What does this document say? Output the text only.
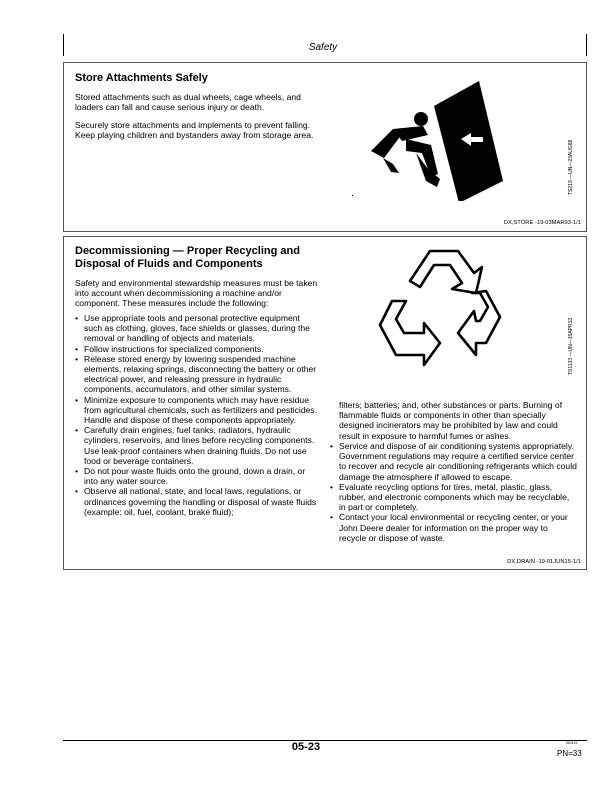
Safety
Store Attachments Safely

Stored attachments such as dual wheels, cage wheels, and loaders can fall and cause serious injury or death.

Securely store attachments and implements to prevent falling. Keep playing children and bystanders away from storage area.

TS219 —UN—23AUG88
DX,STORE -19-03MAR93-1/1
Decommissioning — Proper Recycling and
Disposal of Fluids and Components

Safety and environmental stewardship measures must be taken into account when decommissioning a machine and/or component. These measures include the following:

• Use appropriate tools and personal protective equipment such as clothing, gloves, face shields or glasses, during the removal or handling of objects and materials.
• Follow instructions for specialized components.
• Release stored energy by lowering suspended machine elements, relaxing springs, disconnecting the battery or other electrical power, and releasing pressure in hydraulic components, accumulators, and other similar systems.
• Minimize exposure to components which may have residue from agricultural chemicals, such as fertilizers and pesticides. Handle and dispose of these components appropriately.
• Carefully drain engines, fuel tanks, radiators, hydraulic cylinders, reservoirs, and lines before recycling components. Use leak-proof containers when draining fluids. Do not use food or beverage containers.
• Do not pour waste fluids onto the ground, down a drain, or into any water source.
• Observe all national, state, and local laws, regulations, or ordinances governing the handling or disposal of waste fluids (example: oil, fuel, coolant, brake fluid);

filters; batteries; and, other substances or parts. Burning of flammable fluids or components in other than specially designed incinerators may be prohibited by law and could result in exposure to harmful fumes or ashes.

• Service and dispose of air conditioning systems appropriately. Government regulations may require a certified service center to recover and recycle air conditioning refrigerants which could damage the atmosphere if allowed to escape.
• Evaluate recycling options for tires, metal, plastic, glass, rubber, and electronic components which may be recyclable, in part or completely.
• Contact your local environmental or recycling center, or your John Deere dealer for information on the proper way to recycle or dispose of waste.
TS1133 —UN—15APR13
DX,DRAIN -19-01JUN15-1/1
05-23	061115
PN=33
